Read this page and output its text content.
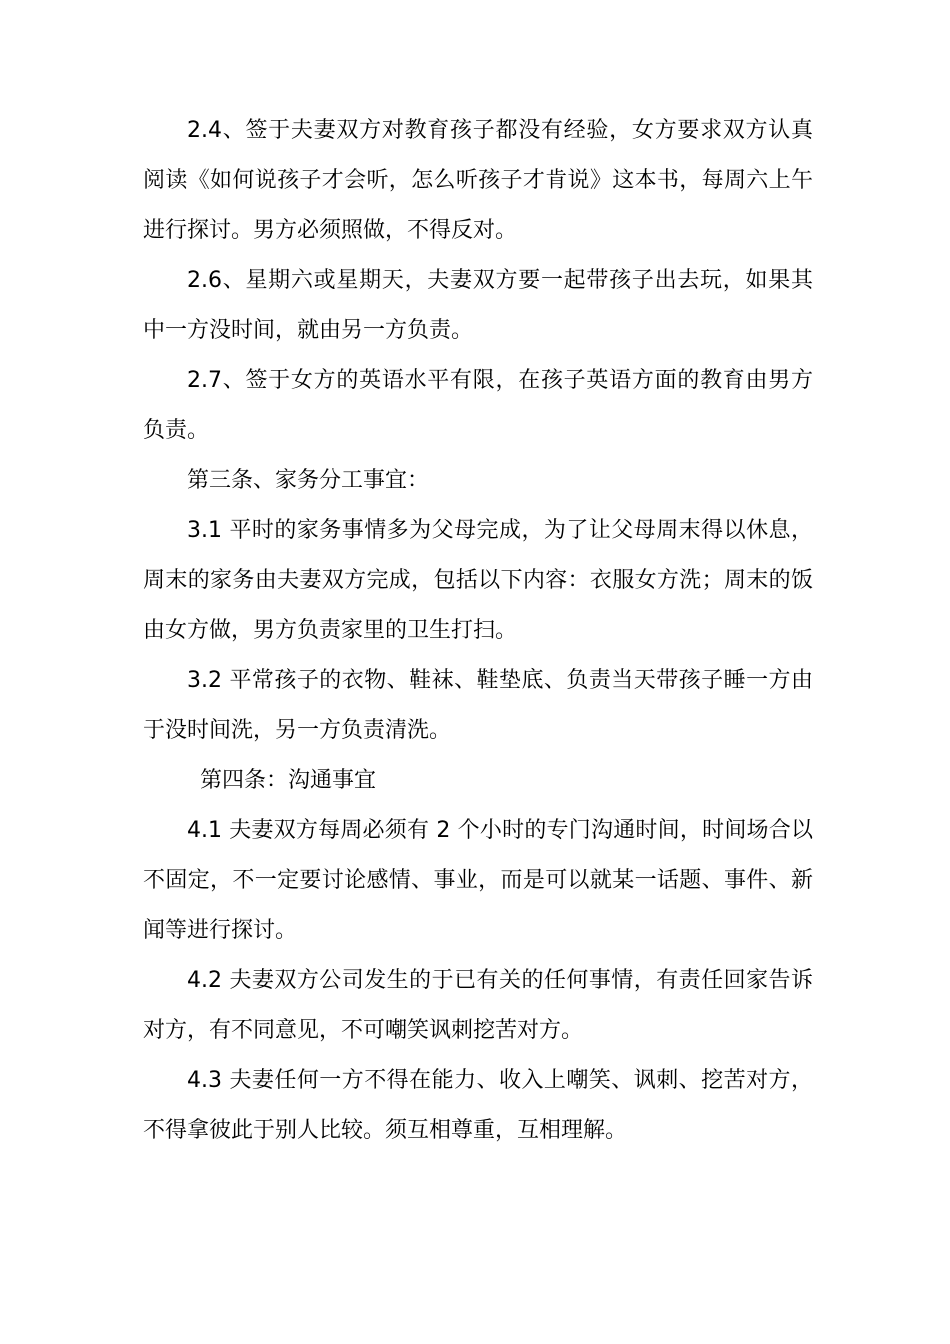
2.4、签于夫妻双方对教育孩子都没有经验，女方要求双方认真阅读《如何说孩子才会听，怎么听孩子才肯说》这本书，每周六上午进行探讨。男方必须照做，不得反对。

2.6、星期六或星期天，夫妻双方要一起带孩子出去玩，如果其中一方没时间，就由另一方负责。

2.7、签于女方的英语水平有限，在孩子英语方面的教育由男方负责。

第三条、家务分工事宜：

3.1 平时的家务事情多为父母完成，为了让父母周末得以休息，周末的家务由夫妻双方完成，包括以下内容：衣服女方洗；周末的饭由女方做，男方负责家里的卫生打扫。

3.2 平常孩子的衣物、鞋袜、鞋垫底、负责当天带孩子睡一方由于没时间洗，另一方负责清洗。

第四条：沟通事宜

4.1 夫妻双方每周必须有 2 个小时的专门沟通时间，时间场合以不固定，不一定要讨论感情、事业，而是可以就某一话题、事件、新闻等进行探讨。

4.2 夫妻双方公司发生的于已有关的任何事情，有责任回家告诉对方，有不同意见，不可嘲笑讽刺挖苦对方。

4.3 夫妻任何一方不得在能力、收入上嘲笑、讽刺、挖苦对方，不得拿彼此于别人比较。须互相尊重，互相理解。
